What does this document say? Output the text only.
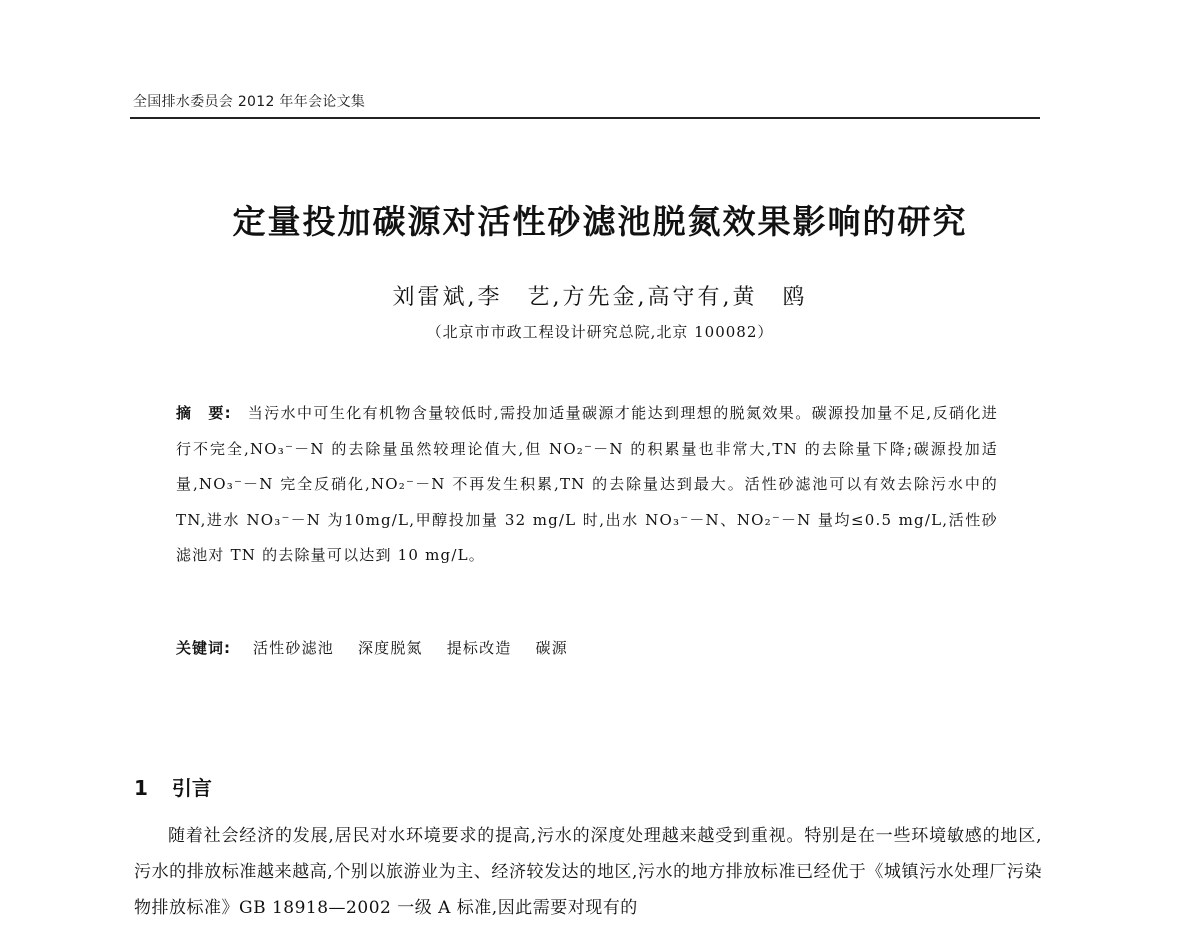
全国排水委员会 2012 年年会论文集
定量投加碳源对活性砂滤池脱氮效果影响的研究
刘雷斌,李　艺,方先金,高守有,黄　鸥
（北京市市政工程设计研究总院,北京 100082）
摘　要: 当污水中可生化有机物含量较低时,需投加适量碳源才能达到理想的脱氮效果。碳源投加量不足,反硝化进行不完全,NO₃⁻－N 的去除量虽然较理论值大,但 NO₂⁻－N 的积累量也非常大,TN 的去除量下降;碳源投加适量,NO₃⁻－N 完全反硝化,NO₂⁻－N 不再发生积累,TN 的去除量达到最大。活性砂滤池可以有效去除污水中的 TN,进水 NO₃⁻－N 为10mg/L,甲醇投加量 32 mg/L 时,出水 NO₃⁻－N、NO₂⁻－N 量均≤0.5 mg/L,活性砂滤池对 TN 的去除量可以达到 10 mg/L。
关键词: 活性砂滤池 深度脱氮 提标改造 碳源
1 引言
随着社会经济的发展,居民对水环境要求的提高,污水的深度处理越来越受到重视。特别是在一些环境敏感的地区,污水的排放标准越来越高,个别以旅游业为主、经济较发达的地区,污水的地方排放标准已经优于《城镇污水处理厂污染物排放标准》GB 18918—2002 一级 A 标准,因此需要对现有的
